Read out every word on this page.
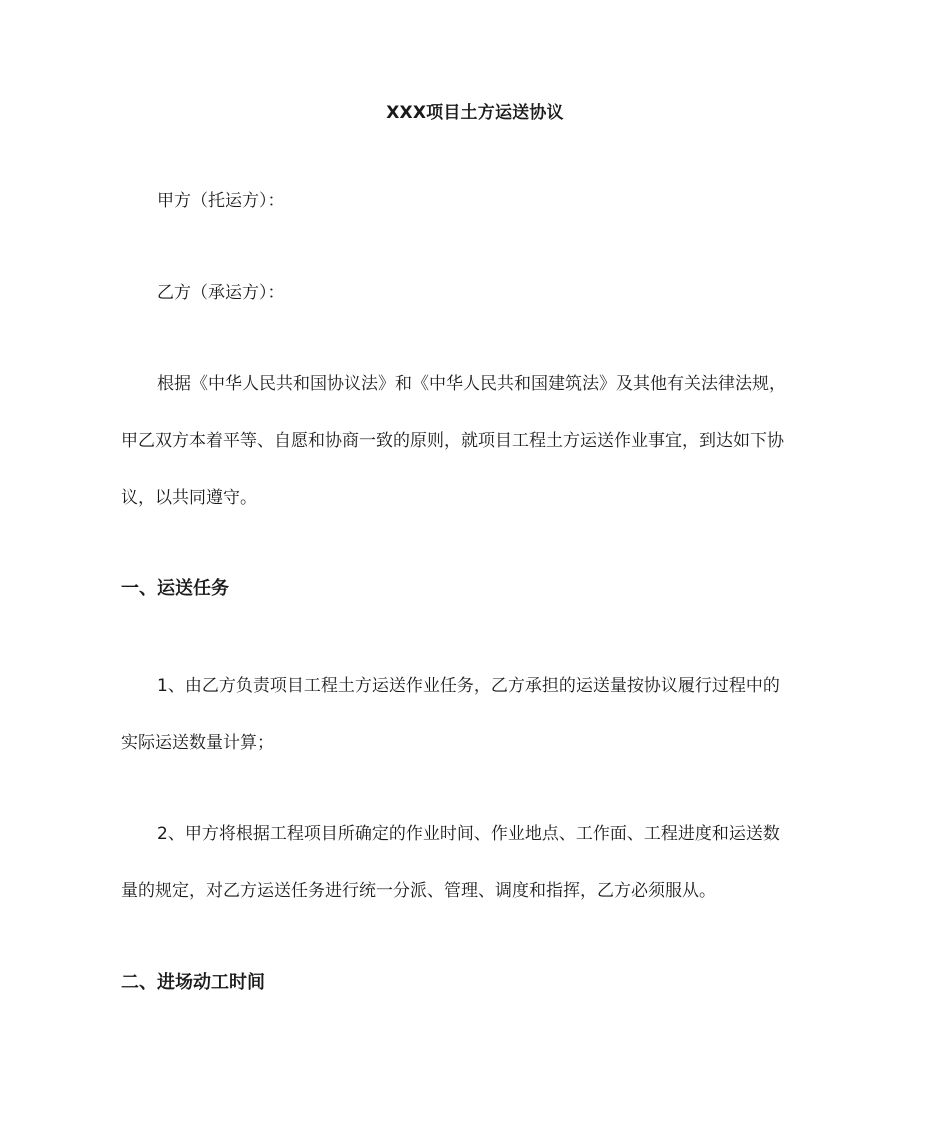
XXX项目土方运送协议
甲方（托运方）：
乙方（承运方）：
根据《中华人民共和国协议法》和《中华人民共和国建筑法》及其他有关法律法规，
甲乙双方本着平等、自愿和协商一致的原则，就项目工程土方运送作业事宜，到达如下协
议，以共同遵守。
一、运送任务
1、由乙方负责项目工程土方运送作业任务，乙方承担的运送量按协议履行过程中的
实际运送数量计算；
2、甲方将根据工程项目所确定的作业时间、作业地点、工作面、工程进度和运送数
量的规定，对乙方运送任务进行统一分派、管理、调度和指挥，乙方必须服从。
二、进场动工时间
